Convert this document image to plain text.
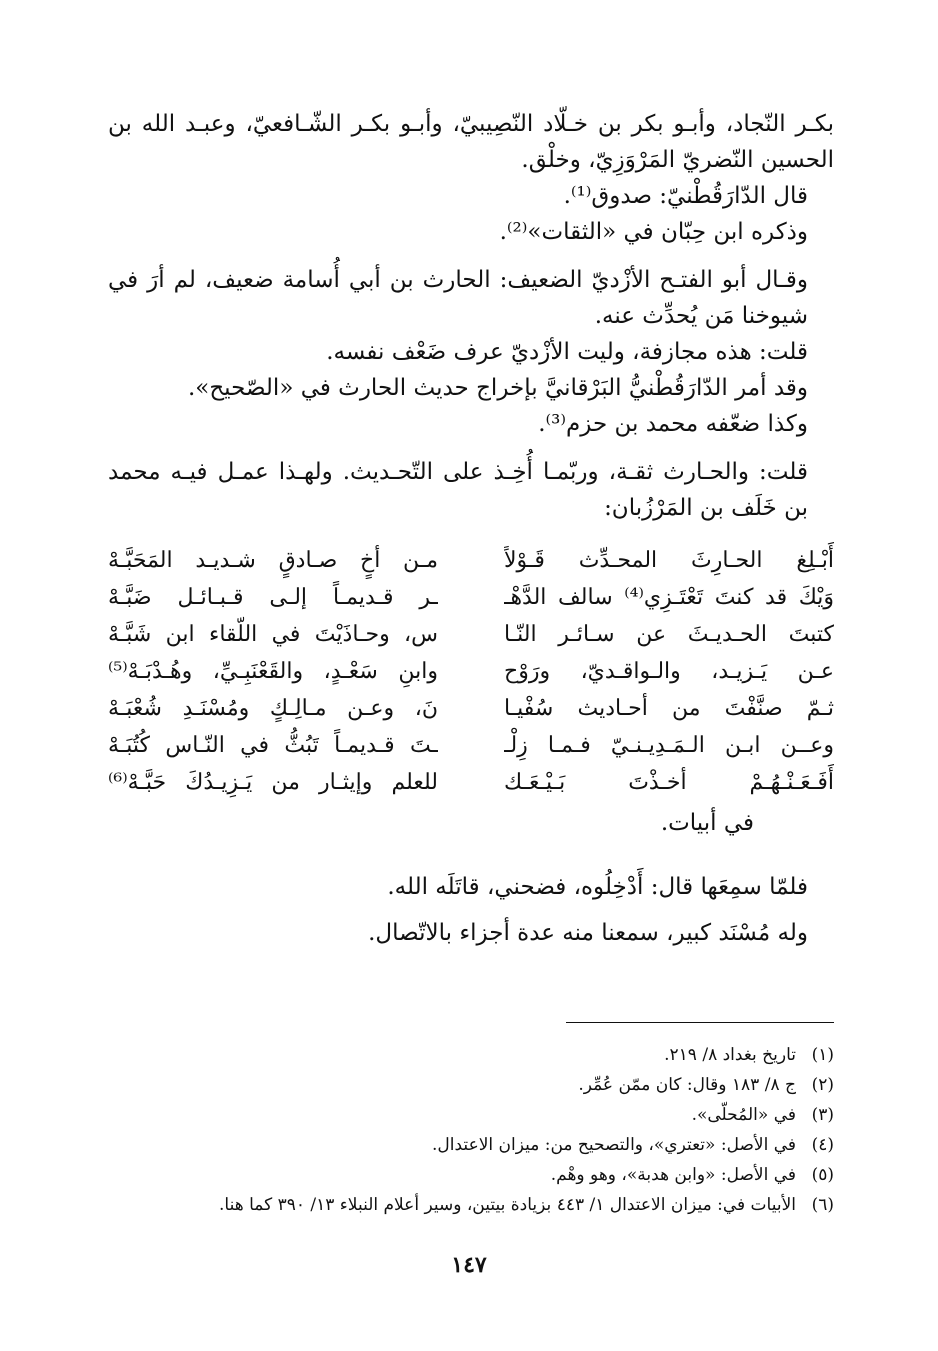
بكـر النّجاد، وأبـو بكر بن خـلّاد النّصِيبيّ، وأبـو بكـر الشّـافعيّ، وعبـد الله بن الحسين النّضريّ المَرْوَزِيّ، وخلْق.

قال الدّارَقُطْنيّ: صدوق⁽¹⁾.

وذكره ابن حِبّان في «الثقات»⁽²⁾.

وقـال أبو الفتـح الأزْديّ الضعيف: الحارث بن أبي أُسامة ضعيف، لم أرَ في شيوخنا مَن يُحدِّث عنه.

قلت: هذه مجازفة، وليت الأزْديّ عرف ضَعْف نفسه.

وقد أمر الدّارَقُطْنيُّ البَرْقانيَّ بإخراج حديث الحارث في «الصّحيح».

وكذا ضعّفه محمد بن حزم⁽³⁾.

قلت: والحـارث ثقـة، وربّمـا أُخِـذ على التّحـديث. ولهـذا عمـل فيـه محمد بن خَلَف بن المَرْزُبان:

أَبْـلِغ الحـارِثَ المحـدِّث قَـوْلاً
مـن أخٍ صـادقٍ شـديـد المَحَبَّـهْ
وَيْكَ قد كنتَ تَعْتَـزِي⁽⁴⁾ سالف الدَّهْـ
ـر قـديمـاً إلـى قـبـائـل ضَبَّـهْ
كتبتَ الحـديـثَ عن سـائـر النّـا
س، وحـاذَيْتَ في اللّقاء ابن شَبَّـهْ
عـن يَـزيـد، والـواقـديّ، ورَوْح
وابنِ سَعْـدٍ، والقَعْنَبِـيِّ، وهُـدْبَـهْ⁽⁵⁾
ثـمّ صنَّفْتَ من أحـاديث سُفْيـا
نَ، وعـن مـالِـكٍ ومُسْنَـدِ شُعْبَـهْ
وعــن ابـن الـمَـدِيـنـيّ فـمـا زِلْـ
ـتَ قـديمـاً تَبُثُّ في النّـاس كُتُبَـهْ
أَفَـعَـنْـهُـمْ أخـذْتَ بَـيْـعَـك
للعلم وإيثـار من يَـزِيـدُكَ حَبَّـهْ⁽⁶⁾

في أبيات.

فلمّا سمِعَها قال: أَدْخِلُوه، فضحني، قاتَلَه الله.

وله مُسْنَد كبير، سمعنا منه عدة أجزاء بالاتّصال.

(١)
تاريخ بغداد ٨/ ٢١٩.

(٢)
ج ٨/ ١٨٣ وقال: كان ممّن عُمِّر.

(٣)
في «المُحلّى».

(٤)
في الأصل: «تعتري»، والتصحيح من: ميزان الاعتدال.

(٥)
في الأصل: «وابن هدبة»، وهو وهْم.

(٦)
الأبيات في: ميزان الاعتدال ١/ ٤٤٣ بزيادة بيتين، وسير أعلام النبلاء ١٣/ ٣٩٠ كما هنا.

١٤٧
